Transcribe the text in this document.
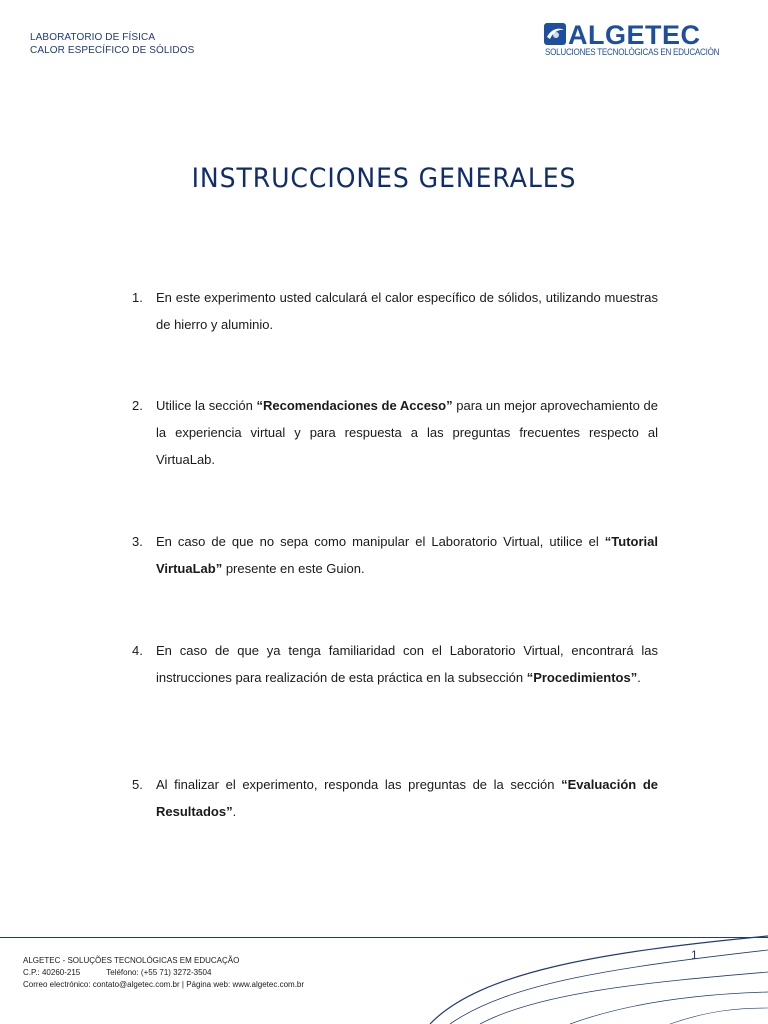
LABORATORIO DE FÍSICA
CALOR ESPECÍFICO DE SÓLIDOS
ALGETEC
SOLUCIONES TECNOLÓGICAS EN EDUCACIÓN
INSTRUCCIONES GENERALES
1. En este experimento usted calculará el calor específico de sólidos, utilizando muestras de hierro y aluminio.
2. Utilice la sección “Recomendaciones de Acceso” para un mejor aprovechamiento de la experiencia virtual y para respuesta a las preguntas frecuentes respecto al VirtuaLab.
3. En caso de que no sepa como manipular el Laboratorio Virtual, utilice el “Tutorial VirtuaLab” presente en este Guion.
4. En caso de que ya tenga familiaridad con el Laboratorio Virtual, encontrará las instrucciones para realización de esta práctica en la subsección “Procedimientos”.
5. Al finalizar el experimento, responda las preguntas de la sección “Evaluación de Resultados”.
1
ALGETEC - SOLUÇÕES TECNOLÓGICAS EM EDUCAÇÃO
C.P.: 40260-215	Teléfono: (+55 71) 3272-3504
Correo electrónico: contato@algetec.com.br | Página web: www.algetec.com.br
